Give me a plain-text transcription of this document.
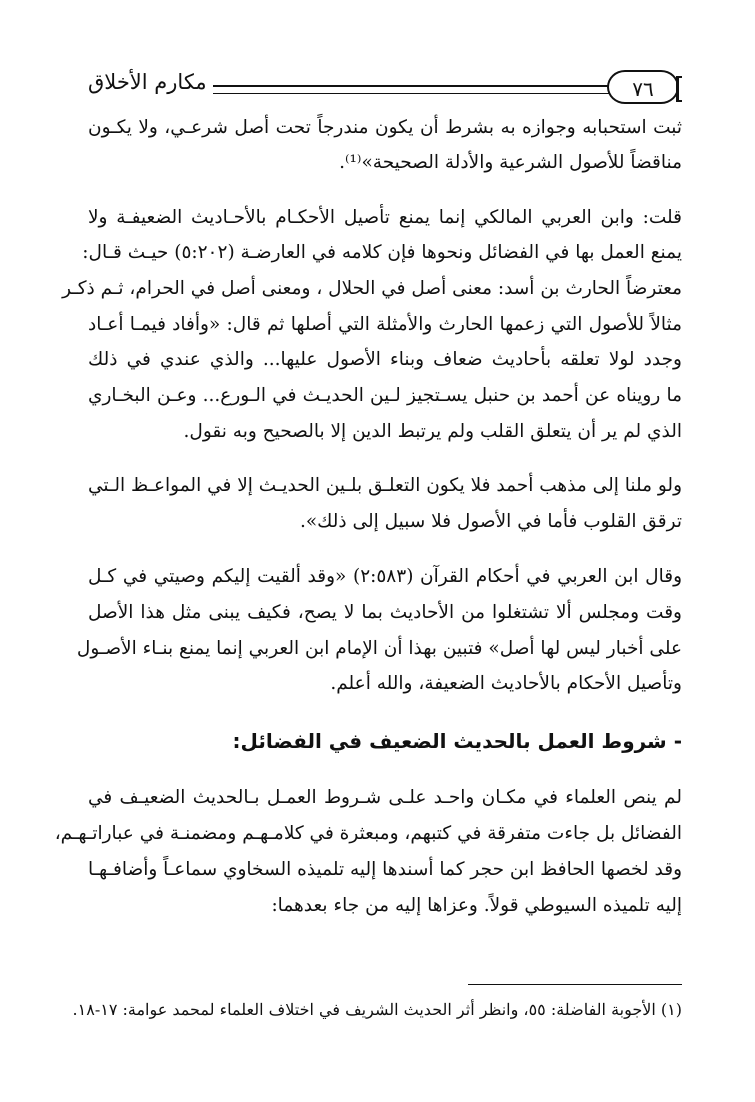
مكارم الأخلاق	٧٦
ثبت استحبابه وجوازه به بشرط أن يكون مندرجاً تحت أصل شرعـي، ولا يكـون
مناقضاً للأصول الشرعية والأدلة الصحيحة»⁽¹⁾.
قلت: وابن العربي المالكي إنما يمنع تأصيل الأحكـام بالأحـاديث الضعيفـة ولا
يمنع العمل بها في الفضائل ونحوها فإن كلامه في العارضـة (٥:٢٠٢) حيـث قـال:
معترضاً الحارث بن أسد: معنى أصل في الحلال ، ومعنى أصل في الحرام، ثـم ذكـر
مثالاً للأصول التي زعمها الحارث والأمثلة التي أصلها ثم قال: «وأفاد فيمـا أعـاد
وجدد لولا تعلقه بأحاديث ضعاف وبناء الأصول عليها... والذي عندي في ذلك
ما رويناه عن أحمد بن حنبل يسـتجيز لـين الحديـث في الـورع... وعـن البخـاري
الذي لم ير أن يتعلق القلب ولم يرتبط الدين إلا بالصحيح وبه نقول.
ولو ملنا إلى مذهب أحمد فلا يكون التعلـق بلـين الحديـث إلا في المواعـظ الـتي
ترقق القلوب فأما في الأصول فلا سبيل إلى ذلك».
وقال ابن العربي في أحكام القرآن (٢:٥٨٣) «وقد ألقيت إليكم وصيتي في كـل
وقت ومجلس ألا تشتغلوا من الأحاديث بما لا يصح، فكيف يبنى مثل هذا الأصل
على أخبار ليس لها أصل» فتبين بهذا أن الإمام ابن العربي إنما يمنع بنـاء الأصـول
وتأصيل الأحكام بالأحاديث الضعيفة، والله أعلم.
- شروط العمل بالحديث الضعيف في الفضائل:
لم ينص العلماء في مكـان واحـد علـى شـروط العمـل بـالحديث الضعيـف في
الفضائل بل جاءت متفرقة في كتبهم، ومبعثرة في كلامـهـم ومضمنـة في عباراتـهـم،
وقد لخصها الحافظ ابن حجر كما أسندها إليه تلميذه السخاوي سماعـاً وأضافـهـا
إليه تلميذه السيوطي قولاً. وعزاها إليه من جاء بعدهما:
(١) الأجوبة الفاضلة: ٥٥، وانظر أثر الحديث الشريف في اختلاف العلماء لمحمد عوامة: ١٧-١٨.
